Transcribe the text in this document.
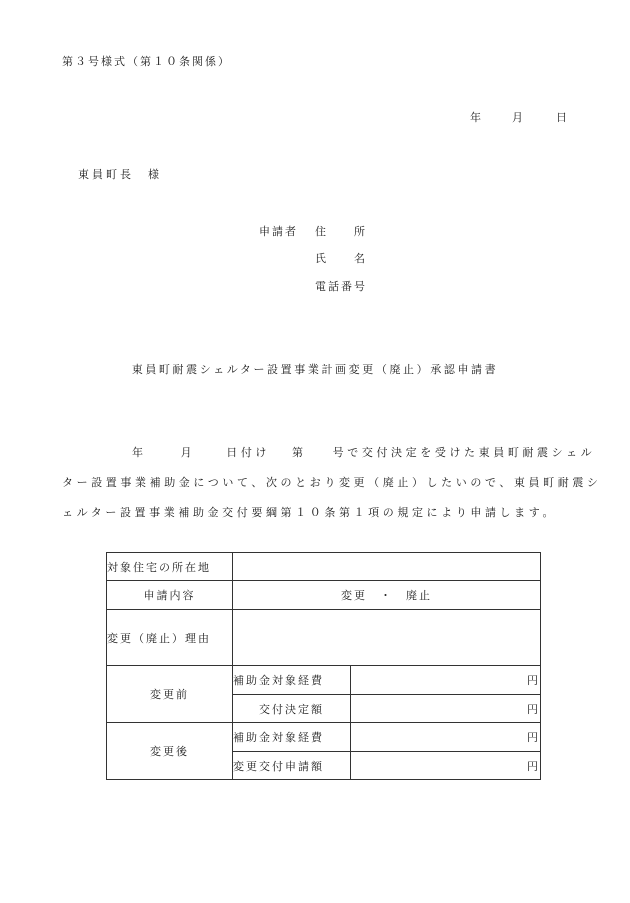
第３号様式（第１０条関係）
年	月	日
東員町長　様
申請者 住　　所
氏　　名
電話番号
東員町耐震シェルター設置事業計画変更（廃止）承認申請書
年	月	日付け 第 号で交付決定を受けた東員町耐震シェル
ター設置事業補助金について、次のとおり変更（廃止）したいので、東員町耐震シ
ェルター設置事業補助金交付要綱第１０条第１項の規定により申請します。
対象住宅の所在地		
申請内容	変更　・　廃止	
変更（廃止）理由		
変更前	補助金対象経費	円
	交付決定額	円
変更後	補助金対象経費	円
	変更交付申請額	円
